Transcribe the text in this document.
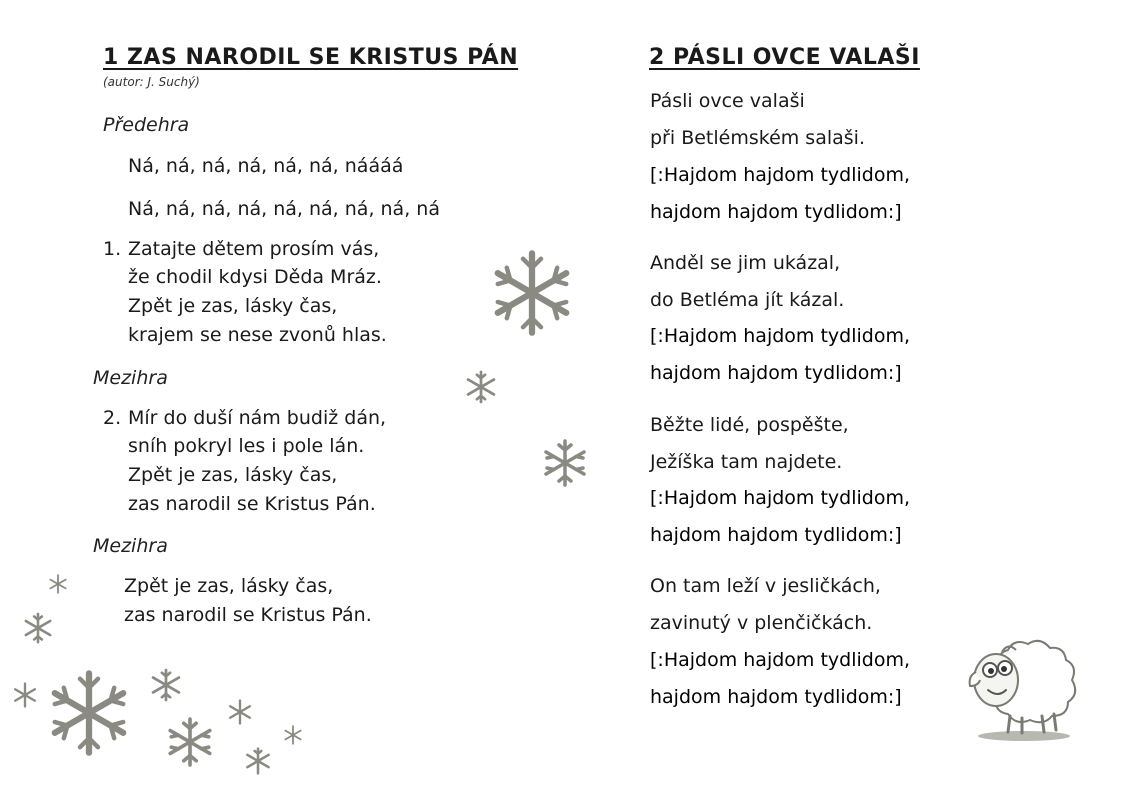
1 ZAS NARODIL SE KRISTUS PÁN
(autor: J. Suchý)
Předehra
Ná, ná, ná, ná, ná, ná, náááá
Ná, ná, ná, ná, ná, ná, ná, ná, ná
1. Zatajte dětem prosím vás,
že chodil kdysi Děda Mráz.
Zpět je zas, lásky čas,
krajem se nese zvonů hlas.
Mezihra
2. Mír do duší nám budiž dán,
sníh pokryl les i pole lán.
Zpět je zas, lásky čas,
zas narodil se Kristus Pán.
Mezihra
Zpět je zas, lásky čas,
zas narodil se Kristus Pán.
2 PÁSLI OVCE VALAŠI
Pásli ovce valaši
při Betlémském salaši.
[:Hajdom hajdom tydlidom,
hajdom hajdom tydlidom:]
Anděl se jim ukázal,
do Betléma jít kázal.
[:Hajdom hajdom tydlidom,
hajdom hajdom tydlidom:]
Běžte lidé, pospěšte,
Ježíška tam najdete.
[:Hajdom hajdom tydlidom,
hajdom hajdom tydlidom:]
On tam leží v jesličkách,
zavinutý v plenčičkách.
[:Hajdom hajdom tydlidom,
hajdom hajdom tydlidom:]
